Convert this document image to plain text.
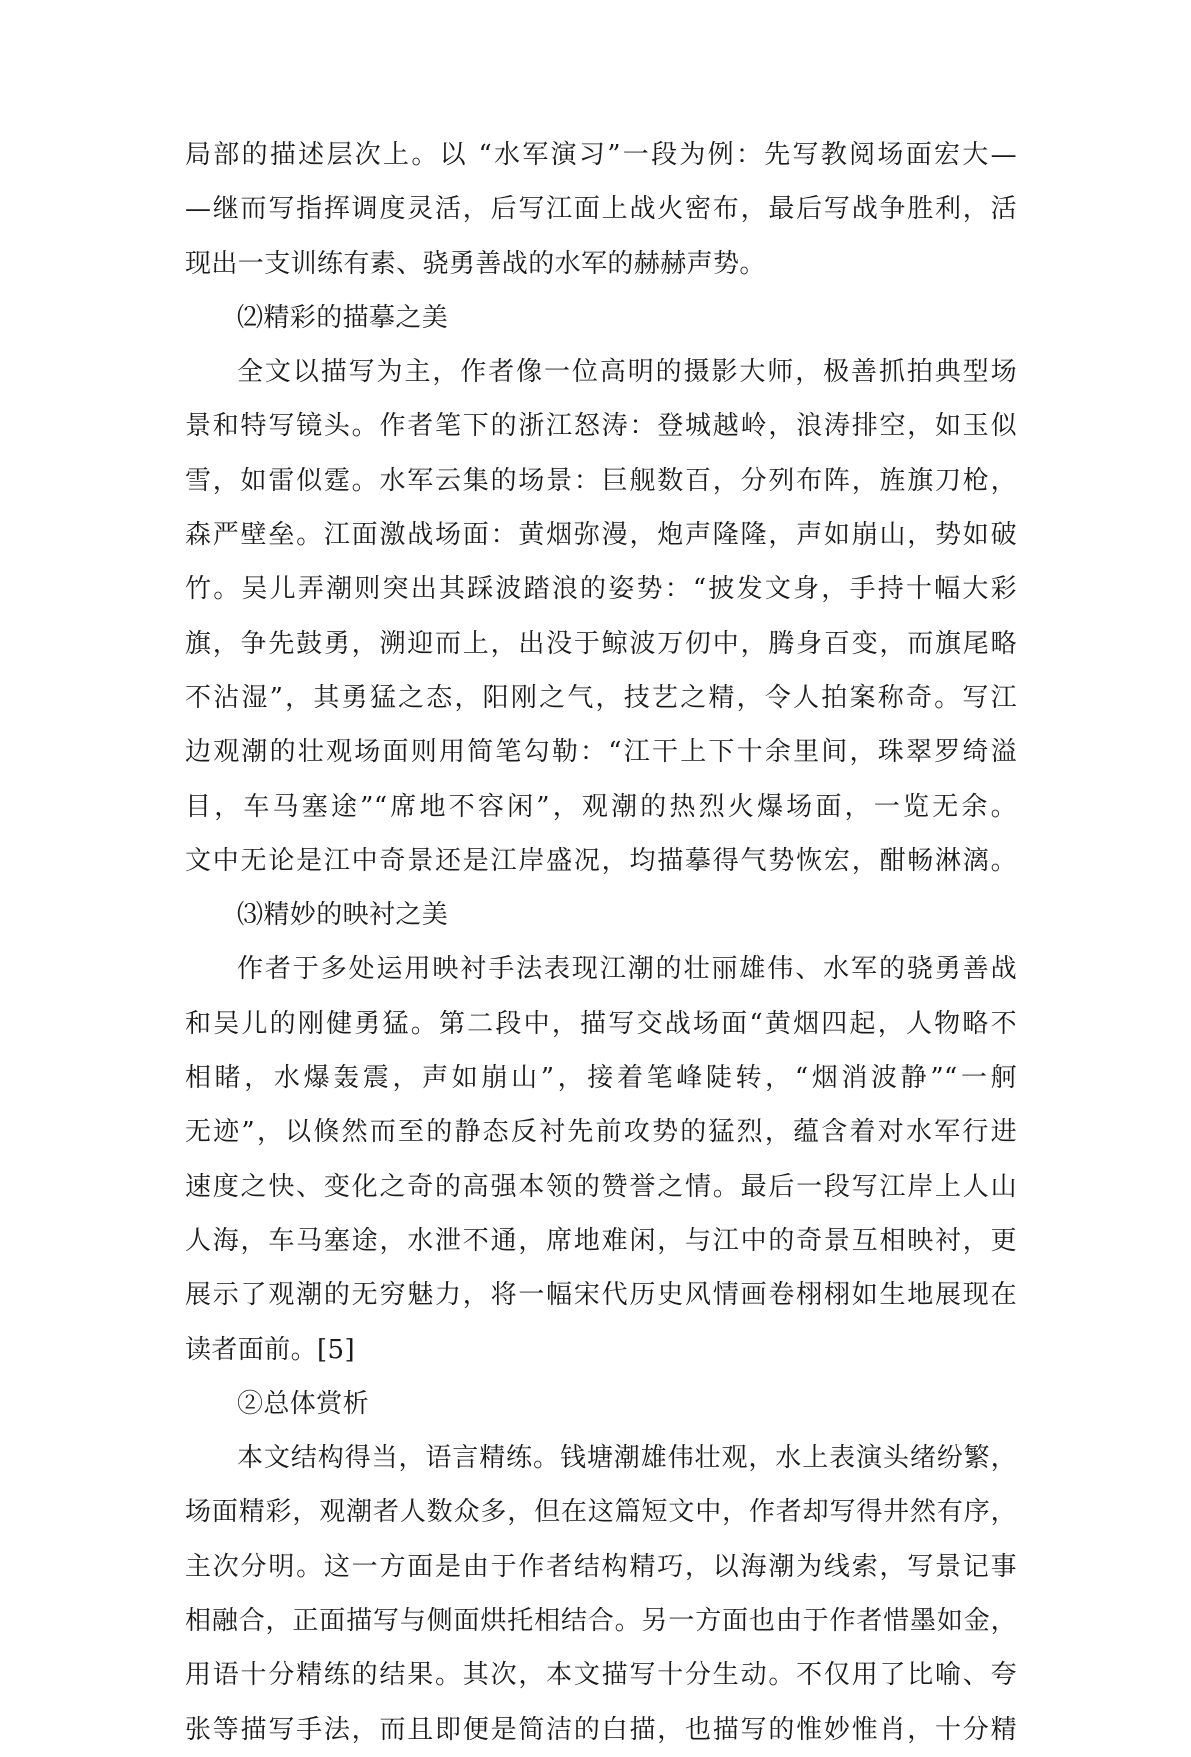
局部的描述层次上。以 “水军演习”一段为例：先写教阅场面宏大—
—继而写指挥调度灵活，后写江面上战火密布，最后写战争胜利，活
现出一支训练有素、骁勇善战的水军的赫赫声势。
⑵精彩的描摹之美
全文以描写为主，作者像一位高明的摄影大师，极善抓拍典型场
景和特写镜头。作者笔下的浙江怒涛：登城越岭，浪涛排空，如玉似
雪，如雷似霆。水军云集的场景：巨舰数百，分列布阵，旌旗刀枪，
森严壁垒。江面激战场面：黄烟弥漫，炮声隆隆，声如崩山，势如破
竹。吴儿弄潮则突出其踩波踏浪的姿势：“披发文身，手持十幅大彩
旗，争先鼓勇，溯迎而上，出没于鲸波万仞中，腾身百变，而旗尾略
不沾湿”，其勇猛之态，阳刚之气，技艺之精，令人拍案称奇。写江
边观潮的壮观场面则用简笔勾勒：“江干上下十余里间，珠翠罗绮溢
目，车马塞途”“席地不容闲”，观潮的热烈火爆场面，一览无余。
文中无论是江中奇景还是江岸盛况，均描摹得气势恢宏，酣畅淋漓。
⑶精妙的映衬之美
作者于多处运用映衬手法表现江潮的壮丽雄伟、水军的骁勇善战
和吴儿的刚健勇猛。第二段中，描写交战场面“黄烟四起，人物略不
相睹，水爆轰震，声如崩山”，接着笔峰陡转，“烟消波静”“一舸
无迹”，以倏然而至的静态反衬先前攻势的猛烈，蕴含着对水军行进
速度之快、变化之奇的高强本领的赞誉之情。最后一段写江岸上人山
人海，车马塞途，水泄不通，席地难闲，与江中的奇景互相映衬，更
展示了观潮的无穷魅力，将一幅宋代历史风情画卷栩栩如生地展现在
读者面前。[5]
②总体赏析
本文结构得当，语言精练。钱塘潮雄伟壮观，水上表演头绪纷繁，
场面精彩，观潮者人数众多，但在这篇短文中，作者却写得井然有序，
主次分明。这一方面是由于作者结构精巧，以海潮为线索，写景记事
相融合，正面描写与侧面烘托相结合。另一方面也由于作者惜墨如金，
用语十分精练的结果。其次，本文描写十分生动。不仅用了比喻、夸
张等描写手法，而且即便是简洁的白描，也描写的惟妙惟肖，十分精
